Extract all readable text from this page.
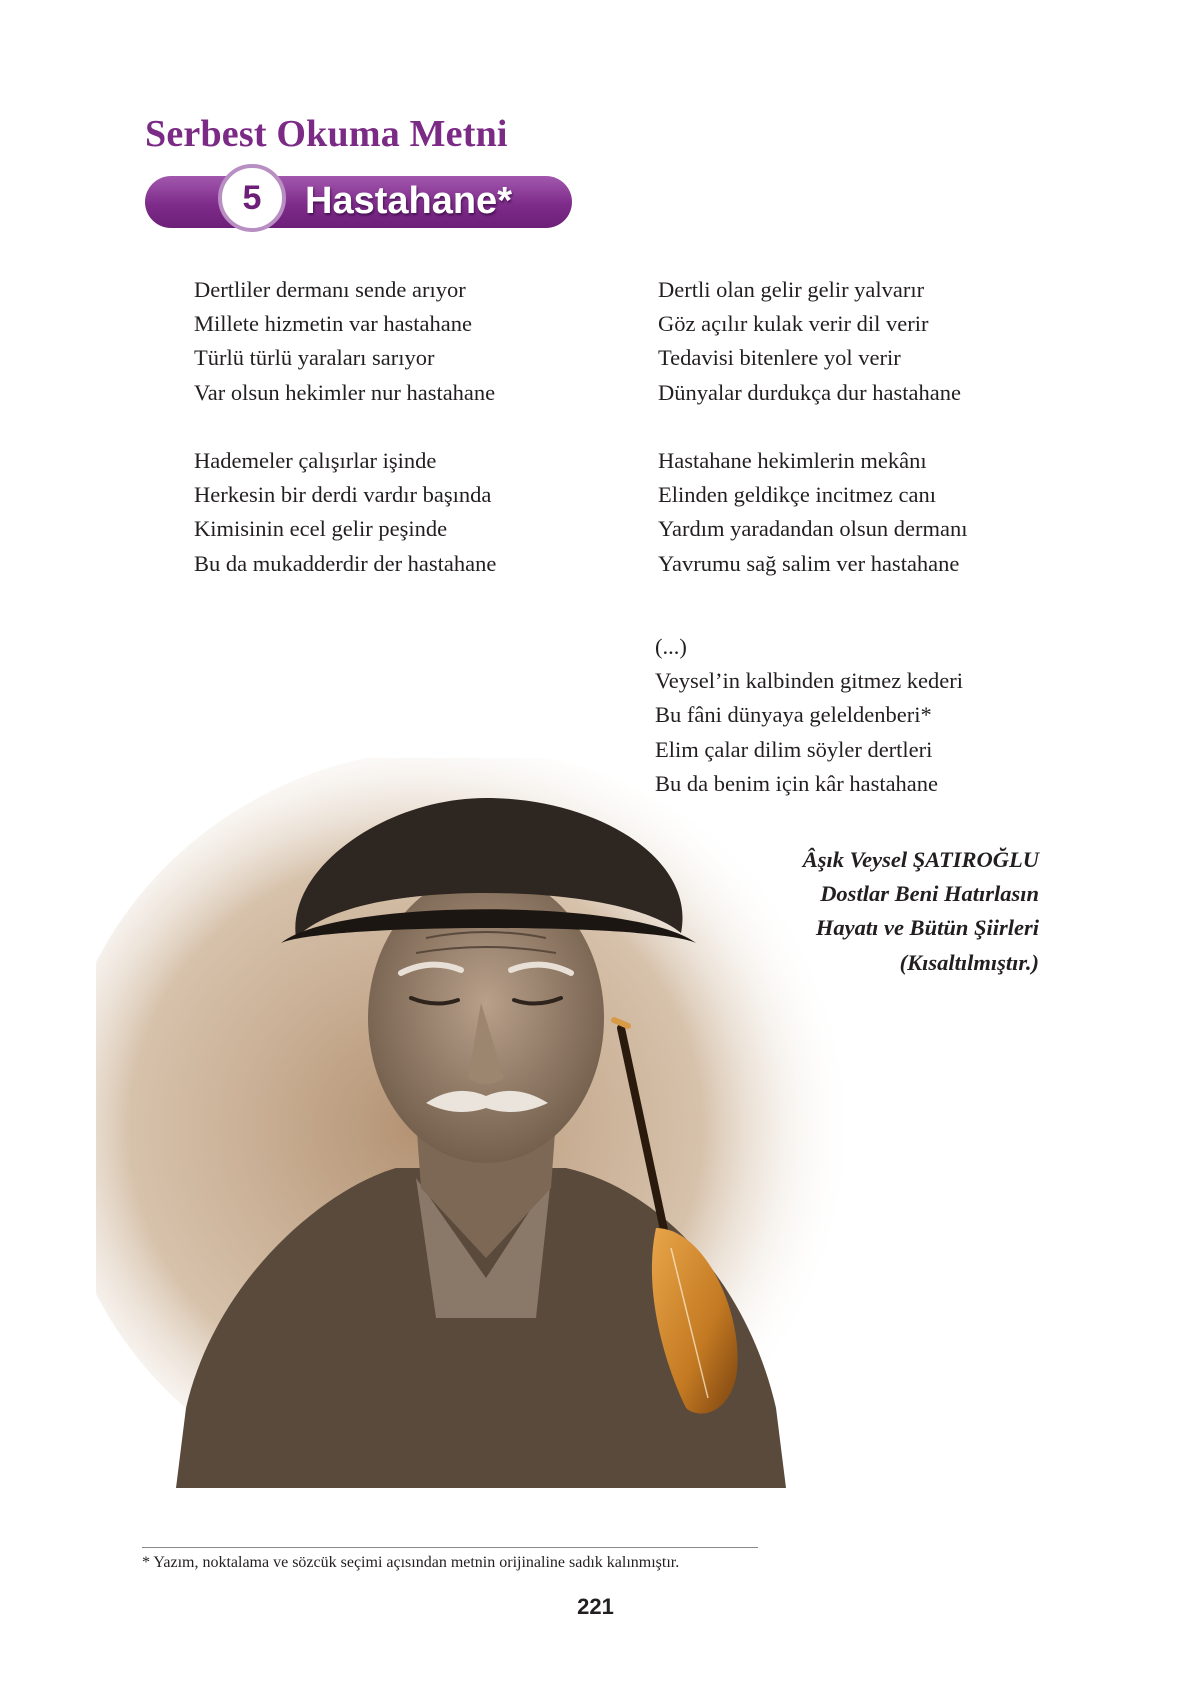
Serbest Okuma Metni
5	Hastahane*
Dertliler dermanı sende arıyor
Millete hizmetin var hastahane
Türlü türlü yaraları sarıyor
Var olsun hekimler nur hastahane
Hademeler çalışırlar işinde
Herkesin bir derdi vardır başında
Kimisinin ecel gelir peşinde
Bu da mukadderdir der hastahane
Dertli olan gelir gelir yalvarır
Göz açılır kulak verir dil verir
Tedavisi bitenlere yol verir
Dünyalar durdukça dur hastahane
Hastahane hekimlerin mekânı
Elinden geldikçe incitmez canı
Yardım yaradandan olsun dermanı
Yavrumu sağ salim ver hastahane
(...)
Veysel’in kalbinden gitmez kederi
Bu fâni dünyaya geleldenberi*
Elim çalar dilim söyler dertleri
Bu da benim için kâr hastahane
Âşık Veysel ŞATIROĞLU
Dostlar Beni Hatırlasın
Hayatı ve Bütün Şiirleri
(Kısaltılmıştır.)

* Yazım, noktalama ve sözcük seçimi açısından metnin orijinaline sadık kalınmıştır.

221
